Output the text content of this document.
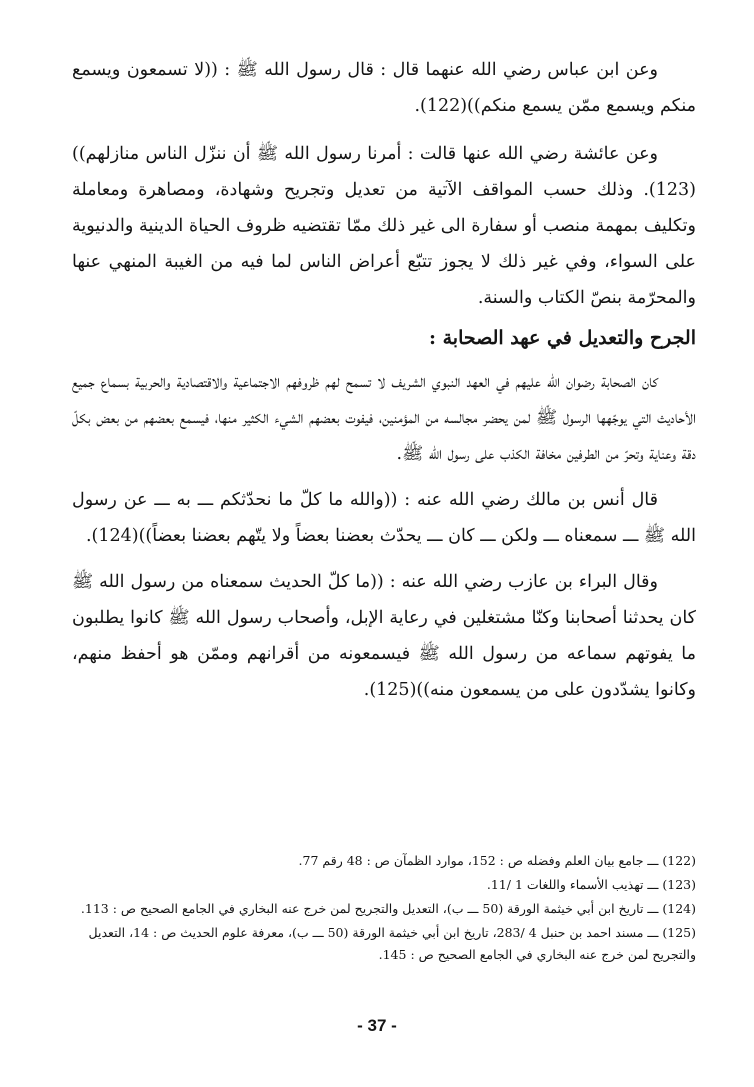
وعن ابن عباس رضي الله عنهما قال : قال رسول الله ﷺ : ((لا تسمعون ويسمع منكم ويسمع ممّن يسمع منكم))(122).

وعن عائشة رضي الله عنها قالت : أمرنا رسول الله ﷺ أن ننزّل الناس منازلهم))(123). وذلك حسب المواقف الآتية من تعديل وتجريح وشهادة، ومصاهرة ومعاملة وتكليف بمهمة منصب أو سفارة الى غير ذلك ممّا تقتضيه ظروف الحياة الدينية والدنيوية على السواء، وفي غير ذلك لا يجوز تتبّع أعراض الناس لما فيه من الغيبة المنهي عنها والمحرّمة بنصّ الكتاب والسنة.

الجرح والتعديل في عهد الصحابة :

كان الصحابة رضوان الله عليهم في العهد النبوي الشريف لا تسمح لهم ظروفهم الاجتماعية والاقتصادية والحربية بسماع جميع الأحاديث التي يوجّهها الرسول ﷺ لمن يحضر مجالسه من المؤمنين، فيفوت بعضهم الشيء الكثير منها، فيسمع بعضهم من بعض بكلّ دقة وعناية وتحرّ من الطرفين مخافة الكذب على رسول الله ﷺ.

قال أنس بن مالك رضي الله عنه : ((والله ما كلّ ما نحدّثكم ـــ به ـــ عن رسول الله ﷺ ـــ سمعناه ـــ ولكن ـــ كان ـــ يحدّث بعضنا بعضاً ولا يتّهم بعضنا بعضاً))(124).

وقال البراء بن عازب رضي الله عنه : ((ما كلّ الحديث سمعناه من رسول الله ﷺ كان يحدثنا أصحابنا وكنّا مشتغلين في رعاية الإبل، وأصحاب رسول الله ﷺ كانوا يطلبون ما يفوتهم سماعه من رسول الله ﷺ فيسمعونه من أقرانهم وممّن هو أحفظ منهم، وكانوا يشدّدون على من يسمعون منه))(125).

(122) ـــ جامع بيان العلم وفضله ص : 152، موارد الظمآن ص : 48 رقم 77.

(123) ـــ تهذيب الأسماء واللغات 1 /11.

(124) ـــ تاريخ ابن أبي خيثمة الورقة (50 ـــ ب)، التعديل والتجريح لمن خرج عنه البخاري في الجامع الصحيح ص : 113.

(125) ـــ مسند احمد بن حنبل 4 /283، تاريخ ابن أبي خيثمة الورقة (50 ـــ ب)، معرفة علوم الحديث ص : 14، التعديل والتجريح لمن خرج عنه البخاري في الجامع الصحيح ص : 145.

- 37 -
